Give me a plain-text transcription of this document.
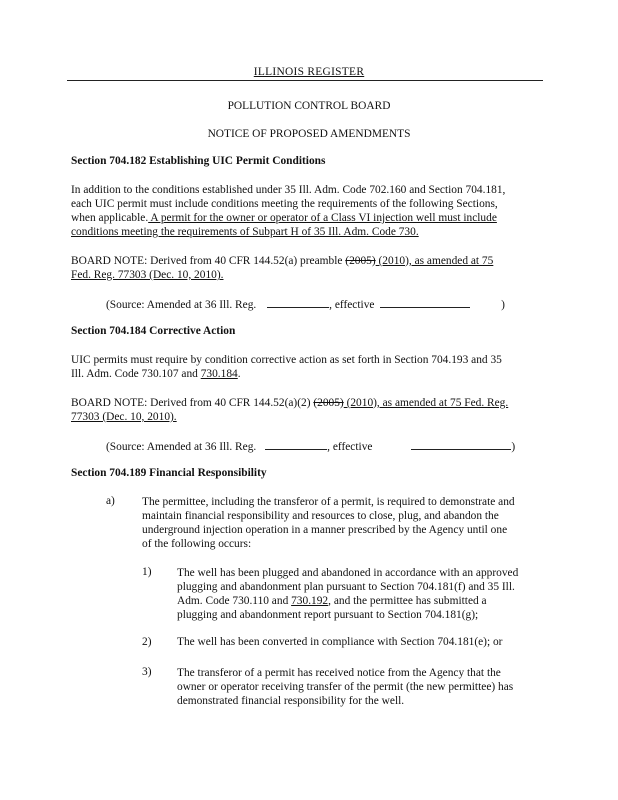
ILLINOIS REGISTER
POLLUTION CONTROL BOARD
NOTICE OF PROPOSED AMENDMENTS
Section 704.182 Establishing UIC Permit Conditions
In addition to the conditions established under 35 Ill. Adm. Code 702.160 and Section 704.181,
each UIC permit must include conditions meeting the requirements of the following Sections,
when applicable. A permit for the owner or operator of a Class VI injection well must include
conditions meeting the requirements of Subpart H of 35 Ill. Adm. Code 730.
BOARD NOTE: Derived from 40 CFR 144.52(a) preamble (2005) (2010), as amended at 75
Fed. Reg. 77303 (Dec. 10, 2010).
(Source: Amended at 36 Ill. Reg.	, effective	)
Section 704.184 Corrective Action
UIC permits must require by condition corrective action as set forth in Section 704.193 and 35
Ill. Adm. Code 730.107 and 730.184.
BOARD NOTE: Derived from 40 CFR 144.52(a)(2) (2005) (2010), as amended at 75 Fed. Reg.
77303 (Dec. 10, 2010).
(Source: Amended at 36 Ill. Reg.	, effective	)
Section 704.189 Financial Responsibility
a) The permittee, including the transferor of a permit, is required to demonstrate and
maintain financial responsibility and resources to close, plug, and abandon the
underground injection operation in a manner prescribed by the Agency until one
of the following occurs:
1) The well has been plugged and abandoned in accordance with an approved
plugging and abandonment plan pursuant to Section 704.181(f) and 35 Ill.
Adm. Code 730.110 and 730.192, and the permittee has submitted a
plugging and abandonment report pursuant to Section 704.181(g);
2) The well has been converted in compliance with Section 704.181(e); or
3) The transferor of a permit has received notice from the Agency that the
owner or operator receiving transfer of the permit (the new permittee) has
demonstrated financial responsibility for the well.
